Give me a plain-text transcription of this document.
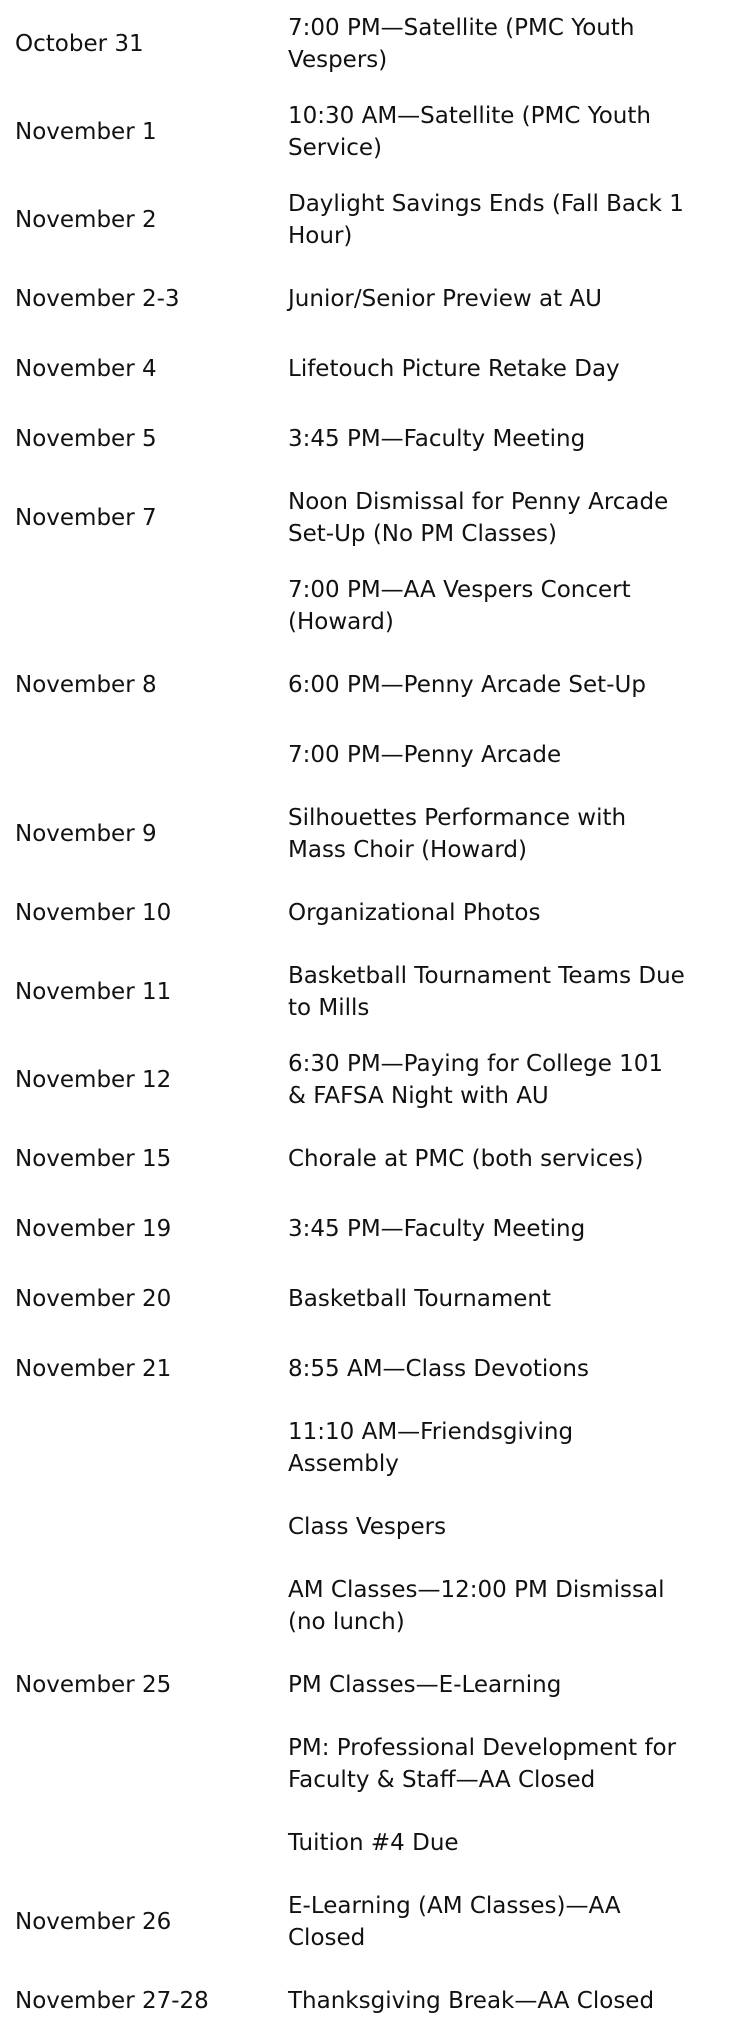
October 31	7:00 PM—Satellite (PMC Youth Vespers)
November 1	10:30 AM—Satellite (PMC Youth Service)
November 2	Daylight Savings Ends (Fall Back 1 Hour)
November 2-3	Junior/Senior Preview at AU
November 4	Lifetouch Picture Retake Day
November 5	3:45 PM—Faculty Meeting
November 7	Noon Dismissal for Penny Arcade Set-Up (No PM Classes)
	7:00 PM—AA Vespers Concert (Howard)
November 8	6:00 PM—Penny Arcade Set-Up
	7:00 PM—Penny Arcade
November 9	Silhouettes Performance with Mass Choir (Howard)
November 10	Organizational Photos
November 11	Basketball Tournament Teams Due to Mills
November 12	6:30 PM—Paying for College 101 & FAFSA Night with AU
November 15	Chorale at PMC (both services)
November 19	3:45 PM—Faculty Meeting
November 20	Basketball Tournament
November 21	8:55 AM—Class Devotions
	11:10 AM—Friendsgiving Assembly
	Class Vespers
	AM Classes—12:00 PM Dismissal (no lunch)
November 25	PM Classes—E-Learning
	PM: Professional Development for Faculty & Staff—AA Closed
	Tuition #4 Due
November 26	E-Learning (AM Classes)—AA Closed
November 27-28	Thanksgiving Break—AA Closed
